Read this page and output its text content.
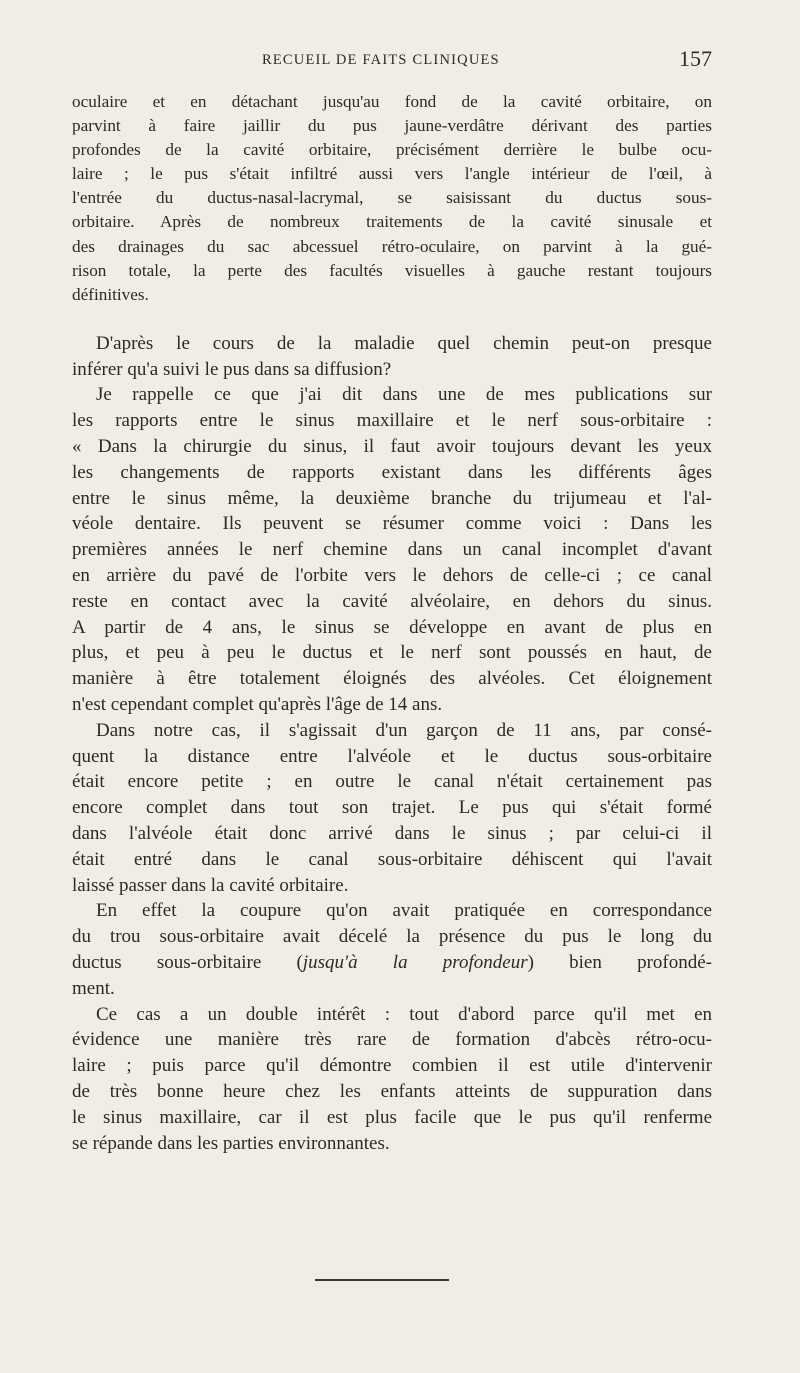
RECUEIL DE FAITS CLINIQUES	157
oculaire et en détachant jusqu'au fond de la cavité orbitaire, on
parvint à faire jaillir du pus jaune-verdâtre dérivant des parties
profondes de la cavité orbitaire, précisément derrière le bulbe ocu-
laire ; le pus s'était infiltré aussi vers l'angle intérieur de l'œil, à
l'entrée du ductus-nasal-lacrymal, se saisissant du ductus sous-
orbitaire. Après de nombreux traitements de la cavité sinusale et
des drainages du sac abcessuel rétro-oculaire, on parvint à la gué-
rison totale, la perte des facultés visuelles à gauche restant toujours
définitives.
D'après le cours de la maladie quel chemin peut-on presque
inférer qu'a suivi le pus dans sa diffusion?
Je rappelle ce que j'ai dit dans une de mes publications sur
les rapports entre le sinus maxillaire et le nerf sous-orbitaire :
« Dans la chirurgie du sinus, il faut avoir toujours devant les yeux
les changements de rapports existant dans les différents âges
entre le sinus même, la deuxième branche du trijumeau et l'al-
véole dentaire. Ils peuvent se résumer comme voici : Dans les
premières années le nerf chemine dans un canal incomplet d'avant
en arrière du pavé de l'orbite vers le dehors de celle-ci ; ce canal
reste en contact avec la cavité alvéolaire, en dehors du sinus.
A partir de 4 ans, le sinus se développe en avant de plus en
plus, et peu à peu le ductus et le nerf sont poussés en haut, de
manière à être totalement éloignés des alvéoles. Cet éloignement
n'est cependant complet qu'après l'âge de 14 ans.
Dans notre cas, il s'agissait d'un garçon de 11 ans, par consé-
quent la distance entre l'alvéole et le ductus sous-orbitaire
était encore petite ; en outre le canal n'était certainement pas
encore complet dans tout son trajet. Le pus qui s'était formé
dans l'alvéole était donc arrivé dans le sinus ; par celui-ci il
était entré dans le canal sous-orbitaire déhiscent qui l'avait
laissé passer dans la cavité orbitaire.
En effet la coupure qu'on avait pratiquée en correspondance
du trou sous-orbitaire avait décelé la présence du pus le long du
ductus sous-orbitaire (jusqu'à la profondeur) bien profondé-
ment.
Ce cas a un double intérêt : tout d'abord parce qu'il met en
évidence une manière très rare de formation d'abcès rétro-ocu-
laire ; puis parce qu'il démontre combien il est utile d'intervenir
de très bonne heure chez les enfants atteints de suppuration dans
le sinus maxillaire, car il est plus facile que le pus qu'il renferme
se répande dans les parties environnantes.
